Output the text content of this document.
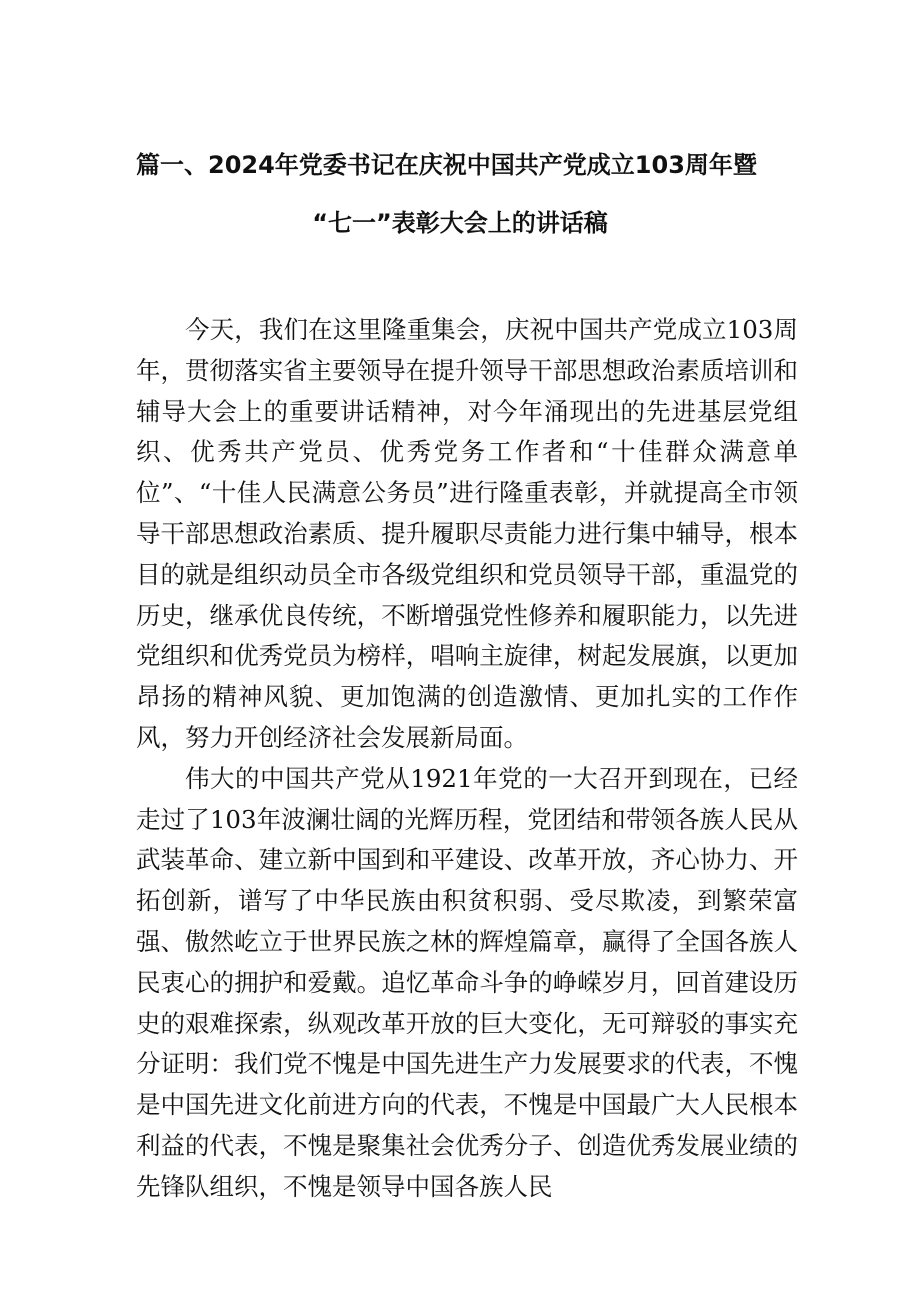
篇一、2024年党委书记在庆祝中国共产党成立103周年暨
“七一”表彰大会上的讲话稿

今天，我们在这里隆重集会，庆祝中国共产党成立103周年，贯彻落实省主要领导在提升领导干部思想政治素质培训和辅导大会上的重要讲话精神，对今年涌现出的先进基层党组织、优秀共产党员、优秀党务工作者和“十佳群众满意单位”、“十佳人民满意公务员”进行隆重表彰，并就提高全市领导干部思想政治素质、提升履职尽责能力进行集中辅导，根本目的就是组织动员全市各级党组织和党员领导干部，重温党的历史，继承优良传统，不断增强党性修养和履职能力，以先进党组织和优秀党员为榜样，唱响主旋律，树起发展旗，以更加昂扬的精神风貌、更加饱满的创造激情、更加扎实的工作作风，努力开创经济社会发展新局面。

伟大的中国共产党从1921年党的一大召开到现在，已经走过了103年波澜壮阔的光辉历程，党团结和带领各族人民从武装革命、建立新中国到和平建设、改革开放，齐心协力、开拓创新，谱写了中华民族由积贫积弱、受尽欺凌，到繁荣富强、傲然屹立于世界民族之林的辉煌篇章，赢得了全国各族人民衷心的拥护和爱戴。追忆革命斗争的峥嵘岁月，回首建设历史的艰难探索，纵观改革开放的巨大变化，无可辩驳的事实充分证明：我们党不愧是中国先进生产力发展要求的代表，不愧是中国先进文化前进方向的代表，不愧是中国最广大人民根本利益的代表，不愧是聚集社会优秀分子、创造优秀发展业绩的先锋队组织，不愧是领导中国各族人民
